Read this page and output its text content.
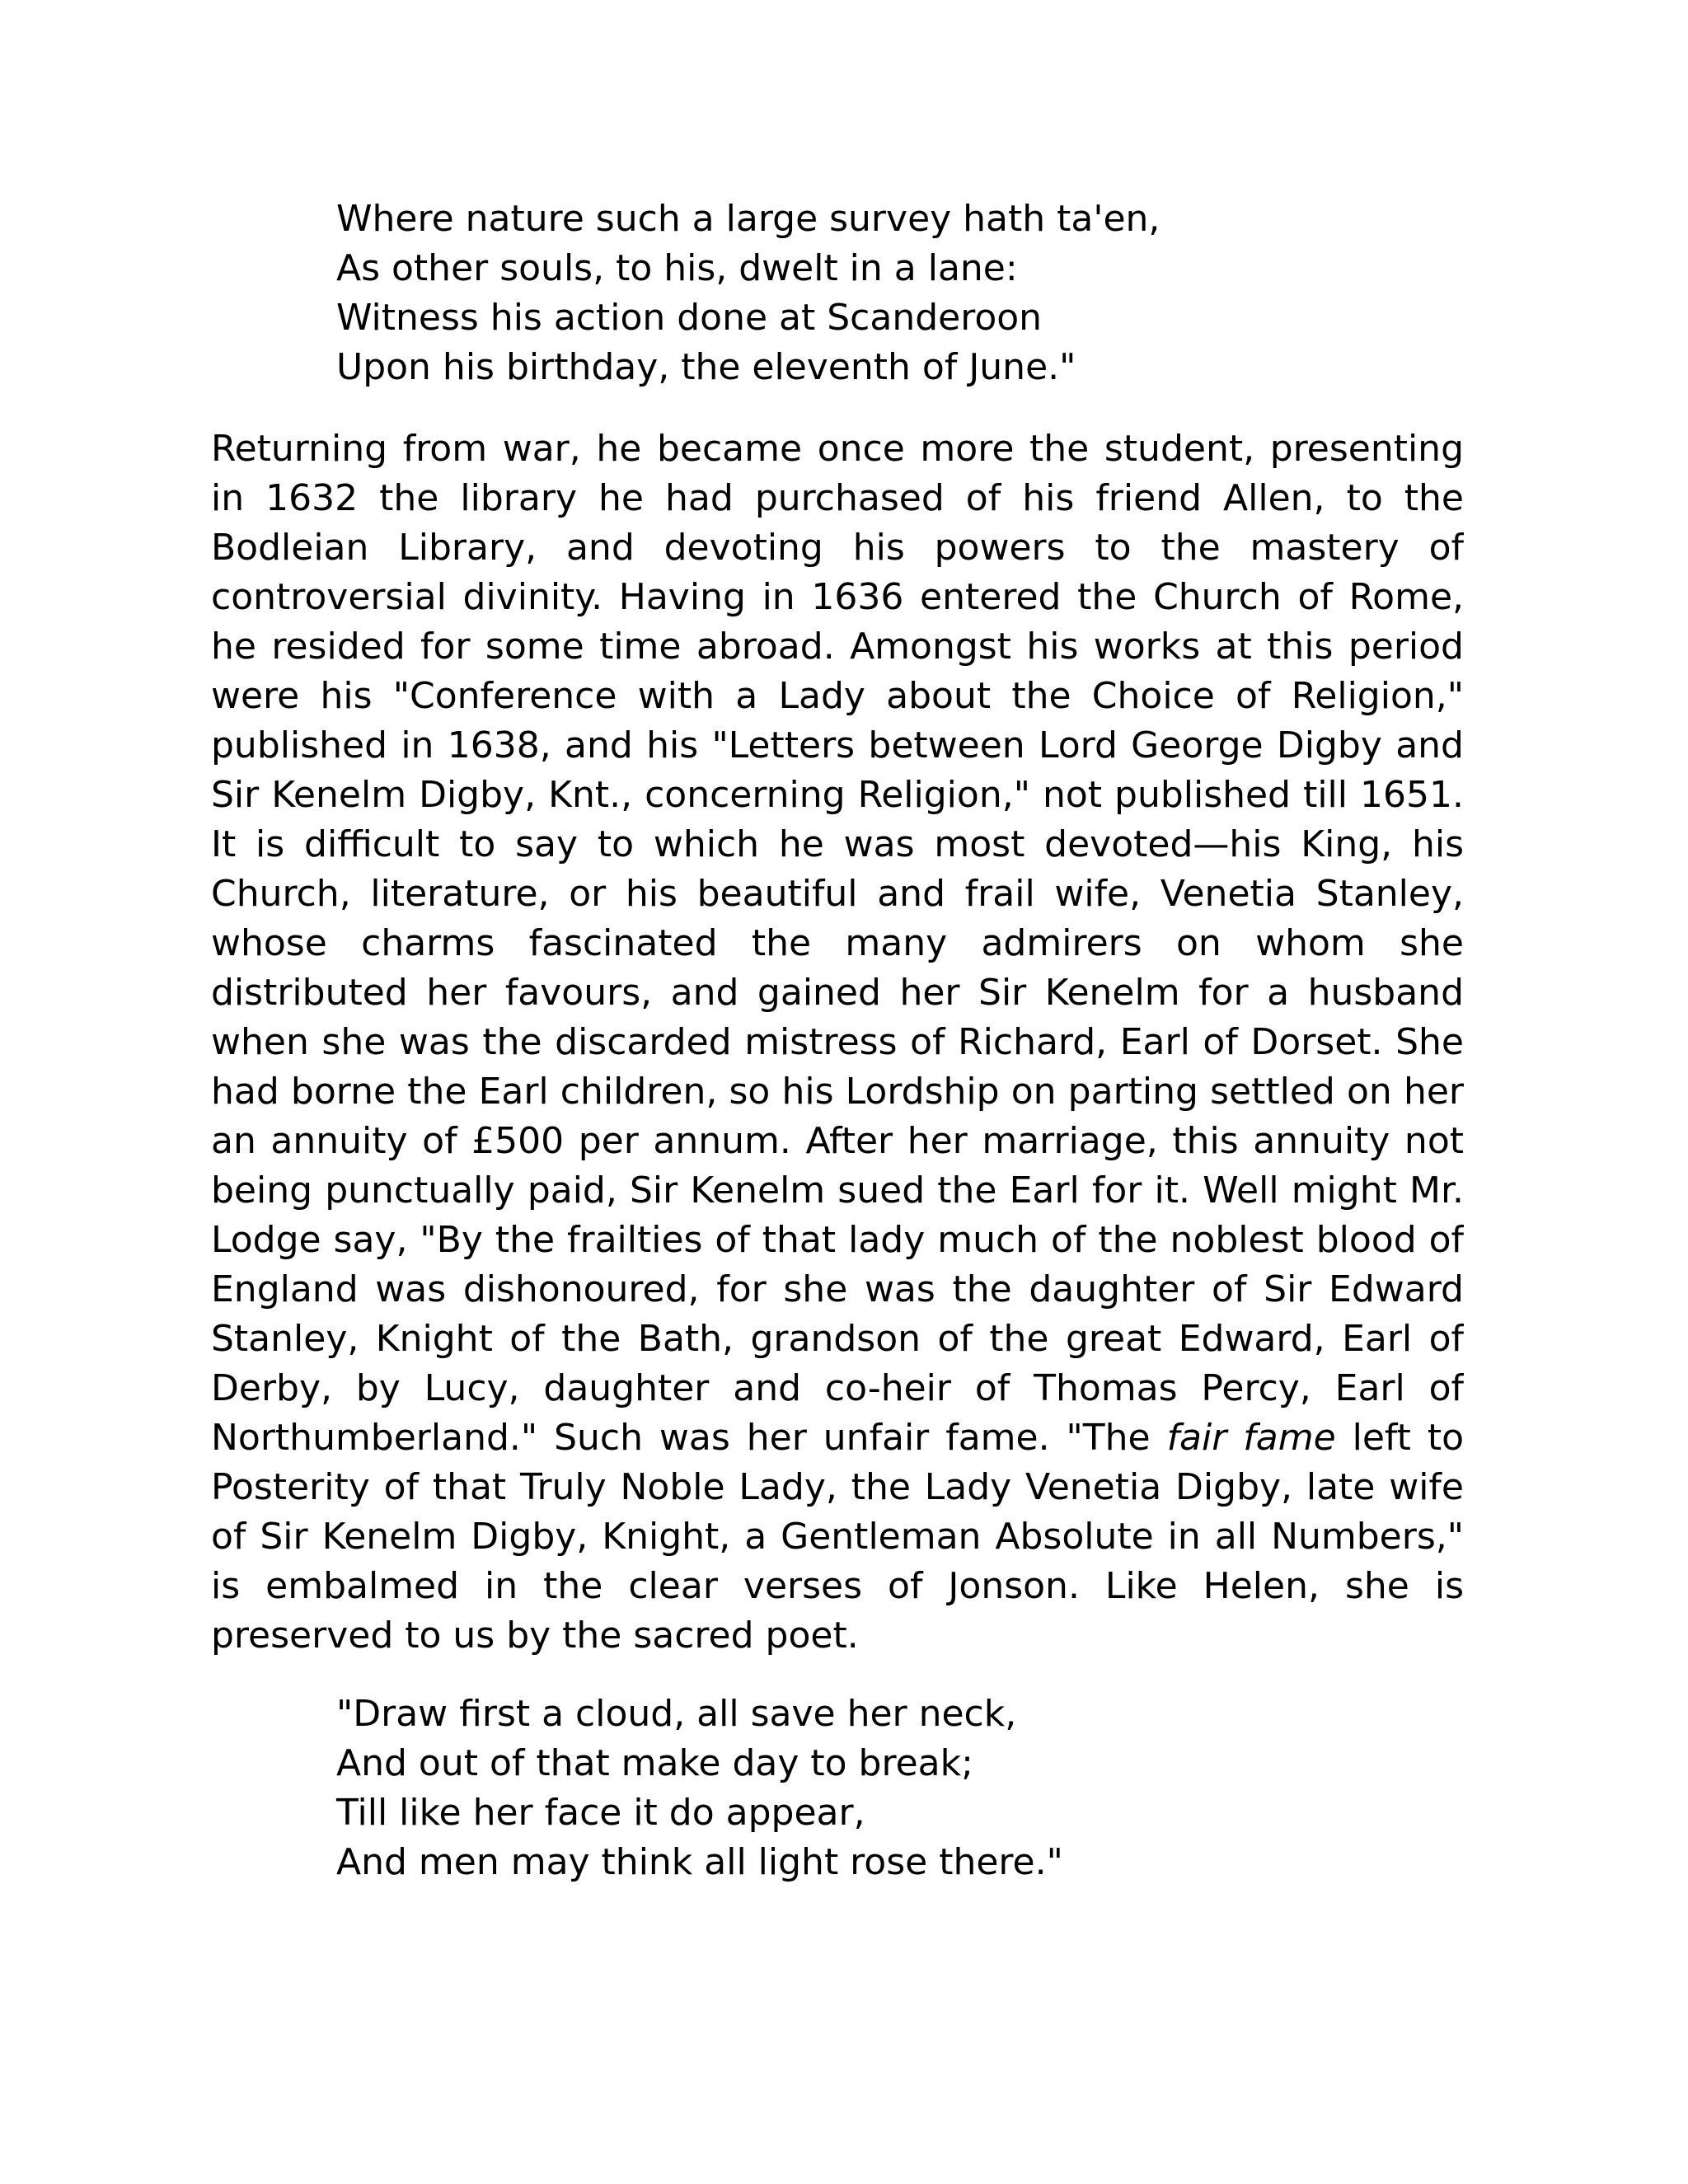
Where nature such a large survey hath ta'en,
As other souls, to his, dwelt in a lane:
Witness his action done at Scanderoon
Upon his birthday, the eleventh of June."
Returning from war, he became once more the student, presenting
in 1632 the library he had purchased of his friend Allen, to the
Bodleian Library, and devoting his powers to the mastery of
controversial divinity. Having in 1636 entered the Church of Rome,
he resided for some time abroad. Amongst his works at this period
were his "Conference with a Lady about the Choice of Religion,"
published in 1638, and his "Letters between Lord George Digby and
Sir Kenelm Digby, Knt., concerning Religion," not published till 1651.
It is difficult to say to which he was most devoted—his King, his
Church, literature, or his beautiful and frail wife, Venetia Stanley,
whose charms fascinated the many admirers on whom she
distributed her favours, and gained her Sir Kenelm for a husband
when she was the discarded mistress of Richard, Earl of Dorset. She
had borne the Earl children, so his Lordship on parting settled on her
an annuity of £500 per annum. After her marriage, this annuity not
being punctually paid, Sir Kenelm sued the Earl for it. Well might Mr.
Lodge say, "By the frailties of that lady much of the noblest blood of
England was dishonoured, for she was the daughter of Sir Edward
Stanley, Knight of the Bath, grandson of the great Edward, Earl of
Derby, by Lucy, daughter and co-heir of Thomas Percy, Earl of
Northumberland." Such was her unfair fame. "The fair fame left to
Posterity of that Truly Noble Lady, the Lady Venetia Digby, late wife
of Sir Kenelm Digby, Knight, a Gentleman Absolute in all Numbers,"
is embalmed in the clear verses of Jonson. Like Helen, she is
preserved to us by the sacred poet.
"Draw first a cloud, all save her neck,
And out of that make day to break;
Till like her face it do appear,
And men may think all light rose there."
